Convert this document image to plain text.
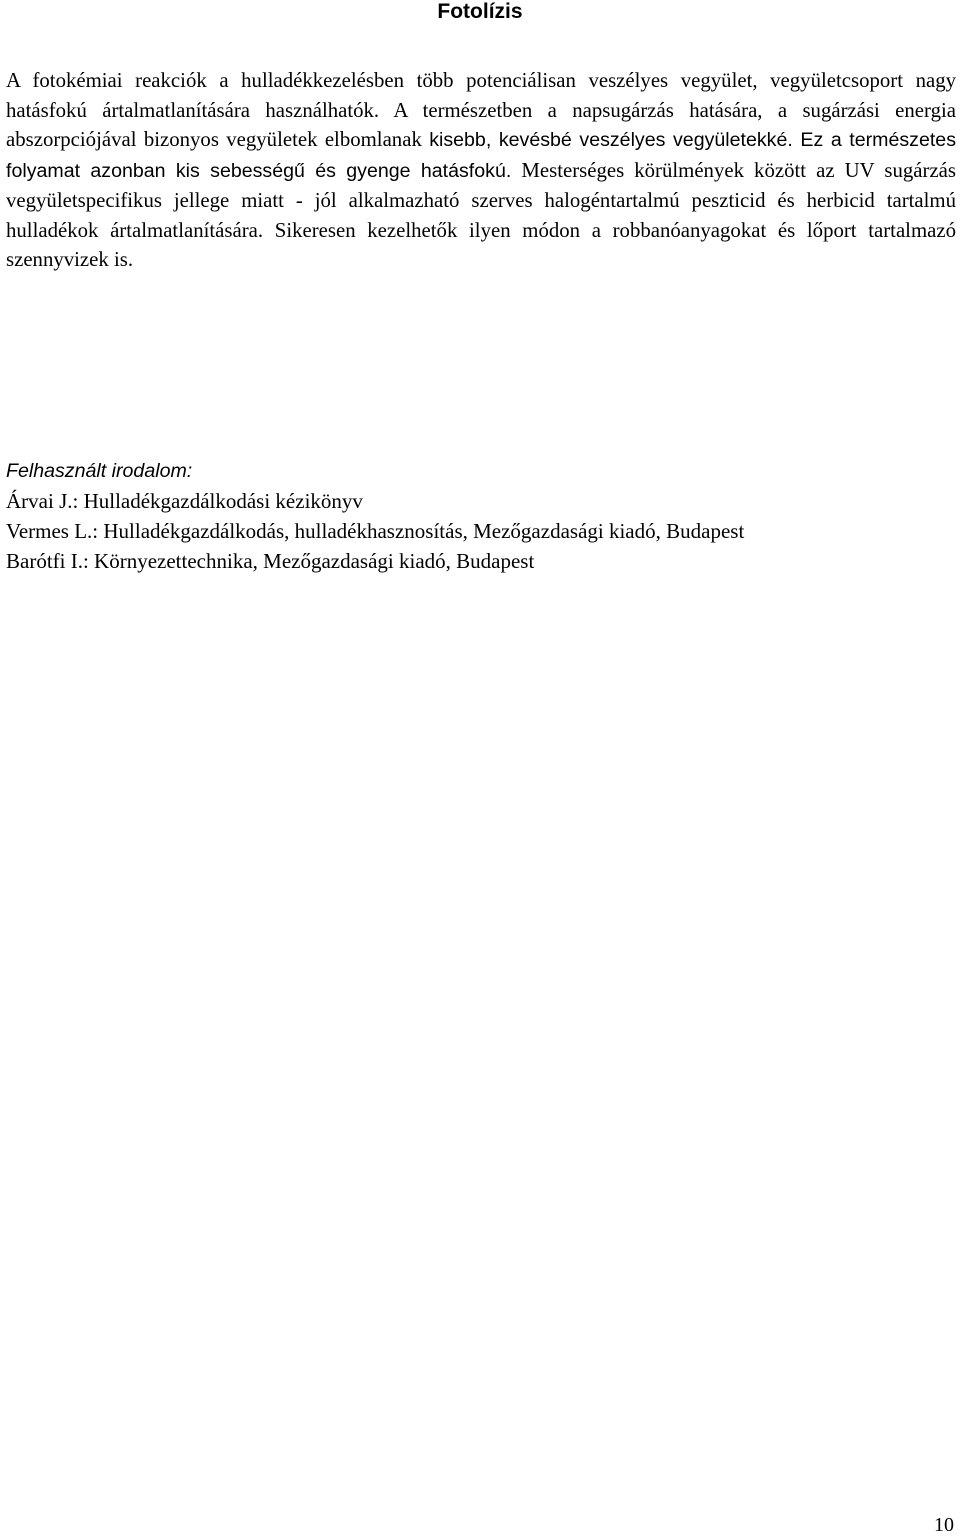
Fotolízis
A fotokémiai reakciók a hulladékkezelésben több potenciálisan veszélyes vegyület, vegyületcsoport nagy hatásfokú ártalmatlanítására használhatók. A természetben a napsugárzás hatására, a sugárzási energia abszorpciójával bizonyos vegyületek elbomlanak kisebb, kevésbé veszélyes vegyületekké. Ez a természetes folyamat azonban kis sebességű és gyenge hatásfokú. Mesterséges körülmények között az UV sugárzás vegyületspecifikus jellege miatt - jól alkalmazható szerves halogéntartalmú peszticid és herbicid tartalmú hulladékok ártalmatlanítására. Sikeresen kezelhetők ilyen módon a robbanóanyagokat és lőport tartalmazó szennyvizek is.
Felhasznált irodalom:
Árvai J.: Hulladékgazdálkodási kézikönyv
Vermes L.: Hulladékgazdálkodás, hulladékhasznosítás, Mezőgazdasági kiadó, Budapest
Barótfi I.: Környezettechnika, Mezőgazdasági kiadó, Budapest
10
